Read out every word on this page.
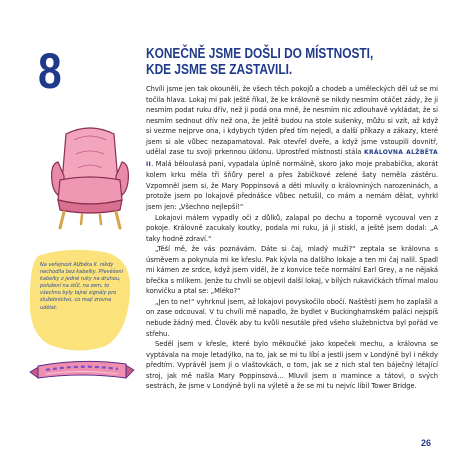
8	KONEČNĚ JSME DOŠLI DO MÍSTNOSTI,
KDE JSME SE ZASTAVILI.
Na veřejnost Alžběta II. nikdy nechodila bez kabelky. Převěšení kabelky z jedné ruky na druhou, položení na stůl, na zem, to všechno byly tajné signály pro služebnictvo, co mají zrovna udělat.

Chvíli jsme jen tak okouněli, že všech těch pokojů a chodeb a uměleckých děl už se mi točila hlava. Lokaj mi pak ještě říkal, že ke královně se nikdy nesmím otáčet zády, že ji nesmím podat ruku dřív, než ji podá ona mně, že nesmím nic zdlouhavě vykládat, že si nesmím sednout dřív než ona, že ještě budou na stole sušenky, můžu si vzít, až když si vezme nejprve ona, i kdybych týden před tím nejedl, a další příkazy a zákazy, které jsem si ale vůbec nezapamatoval. Pak otevřel dveře, a když jsme vstoupili dovnitř, udělal zase tu svoji prkennou úklonu. Uprostřed místnosti stála KRÁLOVNA ALŽBĚTA II. Malá běloulasá paní, vypadala úplně normálně, skoro jako moje prababička, akorát kolem krku měla tři šňůry perel a přes žabičkové zelené šaty neměla zástěru. Vzpomněl jsem si, že Mary Poppinsová a děti mluvily o královniných narozeninách, a protože jsem po lokajově přednášce vůbec netušil, co mám a nemám dělat, vyhrkl jsem jen: „Všechno nejlepší!“

Lokajovi málem vypadly oči z důlků, zalapal po dechu a toporně vycouval ven z pokoje. Královně zacukaly koutky, podala mi ruku, já ji stiskl, a ještě jsem dodal: „A taky hodně zdraví.“

„Těší mě, že vás poznávám. Dáte si čaj, mladý muži?“ zeptala se královna s úsměvem a pokynula mi ke křeslu. Pak kývla na dalšího lokaje a ten mi čaj nalil. Spadl mi kámen ze srdce, když jsem viděl, že z konvice teče normální Earl Grey, a ne nějaká břečka s mlíkem. Jenže tu chvíli se objevil další lokaj, v bílých rukavičkách třímal malou konvičku a ptal se: „Mléko?“

„Jen to ne!“ vyhrknul jsem, až lokajovi povyskočilo obočí. Naštěstí jsem ho zaplašil a on zase odcouval. V tu chvíli mě napadlo, že bydlet v Buckinghamském paláci nejspíš nebude žádný med. Člověk aby tu kvůli nesutále před všeho služebnictva byl pořád ve střehu.

Seděl jsem v křesle, které bylo měkoučké jako kopeček mechu, a královna se vyptávala na moje letadýlko, na to, jak se mi tu líbí a jestli jsem v Londýně byl i někdy předtím. Vyprávěl jsem jí o vlaštovkách, o tom, jak se z nich stal ten báječný létající stroj, jak mě našla Mary Poppinsová… Mluvil jsem o mamince a tátovi, o svých sestrách, že jsme v Londýně byli na výletě a že se mi tu nejvíc líbil Tower Bridge.

26
